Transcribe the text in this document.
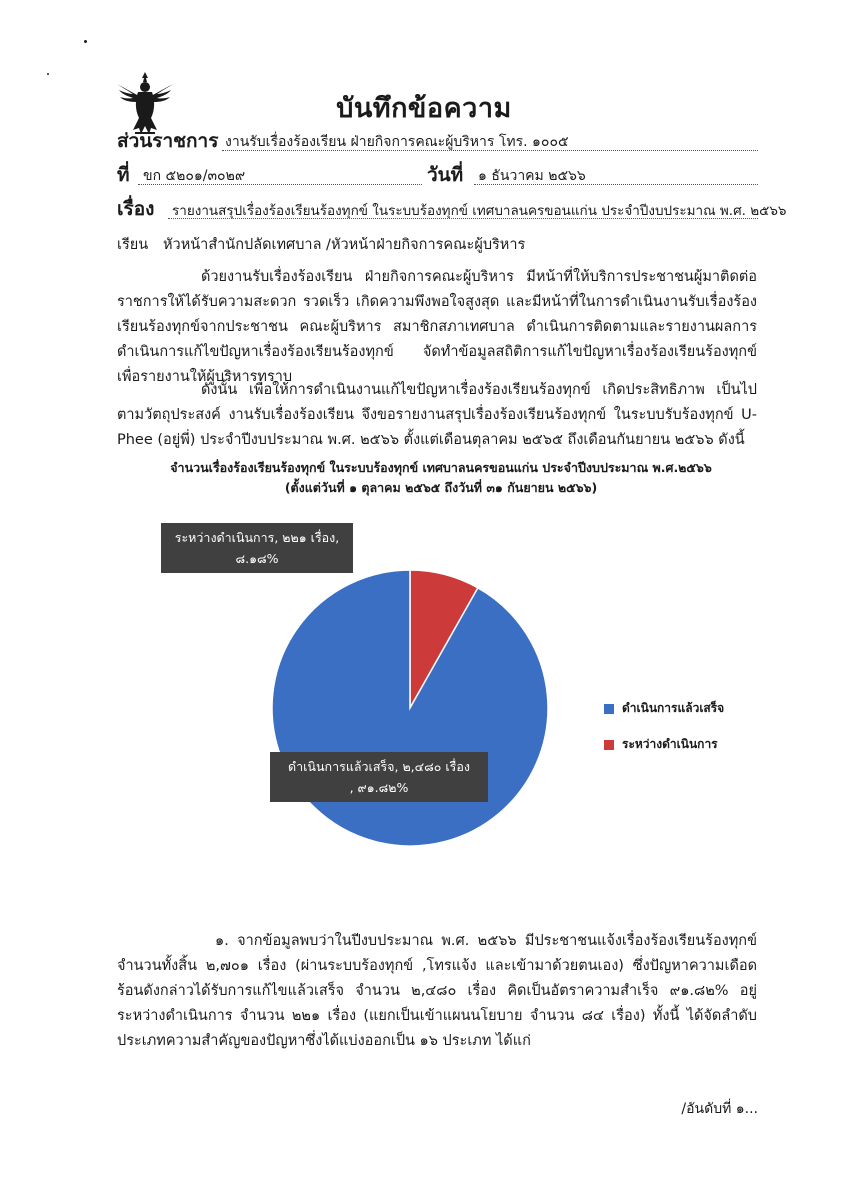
บันทึกข้อความ
ส่วนราชการ งานรับเรื่องร้องเรียน ฝ่ายกิจการคณะผู้บริหาร โทร. ๑๐๐๕
ที่ ขก ๕๒๐๑/๓๐๒๙	วันที่ ๑ ธันวาคม ๒๕๖๖
เรื่อง รายงานสรุปเรื่องร้องเรียนร้องทุกข์ ในระบบร้องทุกข์ เทศบาลนครขอนแก่น ประจำปีงบประมาณ พ.ศ. ๒๕๖๖
เรียน หัวหน้าสำนักปลัดเทศบาล /หัวหน้าฝ่ายกิจการคณะผู้บริหาร
ด้วยงานรับเรื่องร้องเรียน ฝ่ายกิจการคณะผู้บริหาร มีหน้าที่ให้บริการประชาชนผู้มาติดต่อราชการให้ได้รับความสะดวก รวดเร็ว เกิดความพึงพอใจสูงสุด และมีหน้าที่ในการดำเนินงานรับเรื่องร้องเรียนร้องทุกข์จากประชาชน คณะผู้บริหาร สมาชิกสภาเทศบาล ดำเนินการติดตามและรายงานผลการดำเนินการแก้ไขปัญหาเรื่องร้องเรียนร้องทุกข์ จัดทำข้อมูลสถิติการแก้ไขปัญหาเรื่องร้องเรียนร้องทุกข์ เพื่อรายงานให้ผู้บริหารทราบ
ดังนั้น เพื่อให้การดำเนินงานแก้ไขปัญหาเรื่องร้องเรียนร้องทุกข์ เกิดประสิทธิภาพ เป็นไปตามวัตถุประสงค์ งานรับเรื่องร้องเรียน จึงขอรายงานสรุปเรื่องร้องเรียนร้องทุกข์ ในระบบรับร้องทุกข์ U-Phee (อยู่พี่) ประจำปีงบประมาณ พ.ศ. ๒๕๖๖ ตั้งแต่เดือนตุลาคม ๒๕๖๕ ถึงเดือนกันยายน ๒๕๖๖ ดังนี้
จำนวนเรื่องร้องเรียนร้องทุกข์ ในระบบร้องทุกข์ เทศบาลนครขอนแก่น ประจำปีงบประมาณ พ.ศ.๒๕๖๖
(ตั้งแต่วันที่ ๑ ตุลาคม ๒๕๖๕ ถึงวันที่ ๓๑ กันยายน ๒๕๖๖)
ระหว่างดำเนินการ, ๒๒๑ เรื่อง,
๘.๑๘%
ดำเนินการแล้วเสร็จ, ๒,๔๘๐ เรื่อง
, ๙๑.๘๒%
ดำเนินการแล้วเสร็จ
ระหว่างดำเนินการ
๑. จากข้อมูลพบว่าในปีงบประมาณ พ.ศ. ๒๕๖๖ มีประชาชนแจ้งเรื่องร้องเรียนร้องทุกข์จำนวนทั้งสิ้น ๒,๗๐๑ เรื่อง (ผ่านระบบร้องทุกข์ ,โทรแจ้ง และเข้ามาด้วยตนเอง) ซึ่งปัญหาความเดือดร้อนดังกล่าวได้รับการแก้ไขแล้วเสร็จ จำนวน ๒,๔๘๐ เรื่อง คิดเป็นอัตราความสำเร็จ ๙๑.๘๒% อยู่ระหว่างดำเนินการ จำนวน ๒๒๑ เรื่อง (แยกเป็นเข้าแผนนโยบาย จำนวน ๘๔ เรื่อง) ทั้งนี้ ได้จัดลำดับประเภทความสำคัญของปัญหาซึ่งได้แบ่งออกเป็น ๑๖ ประเภท ได้แก่
/อันดับที่ ๑...
